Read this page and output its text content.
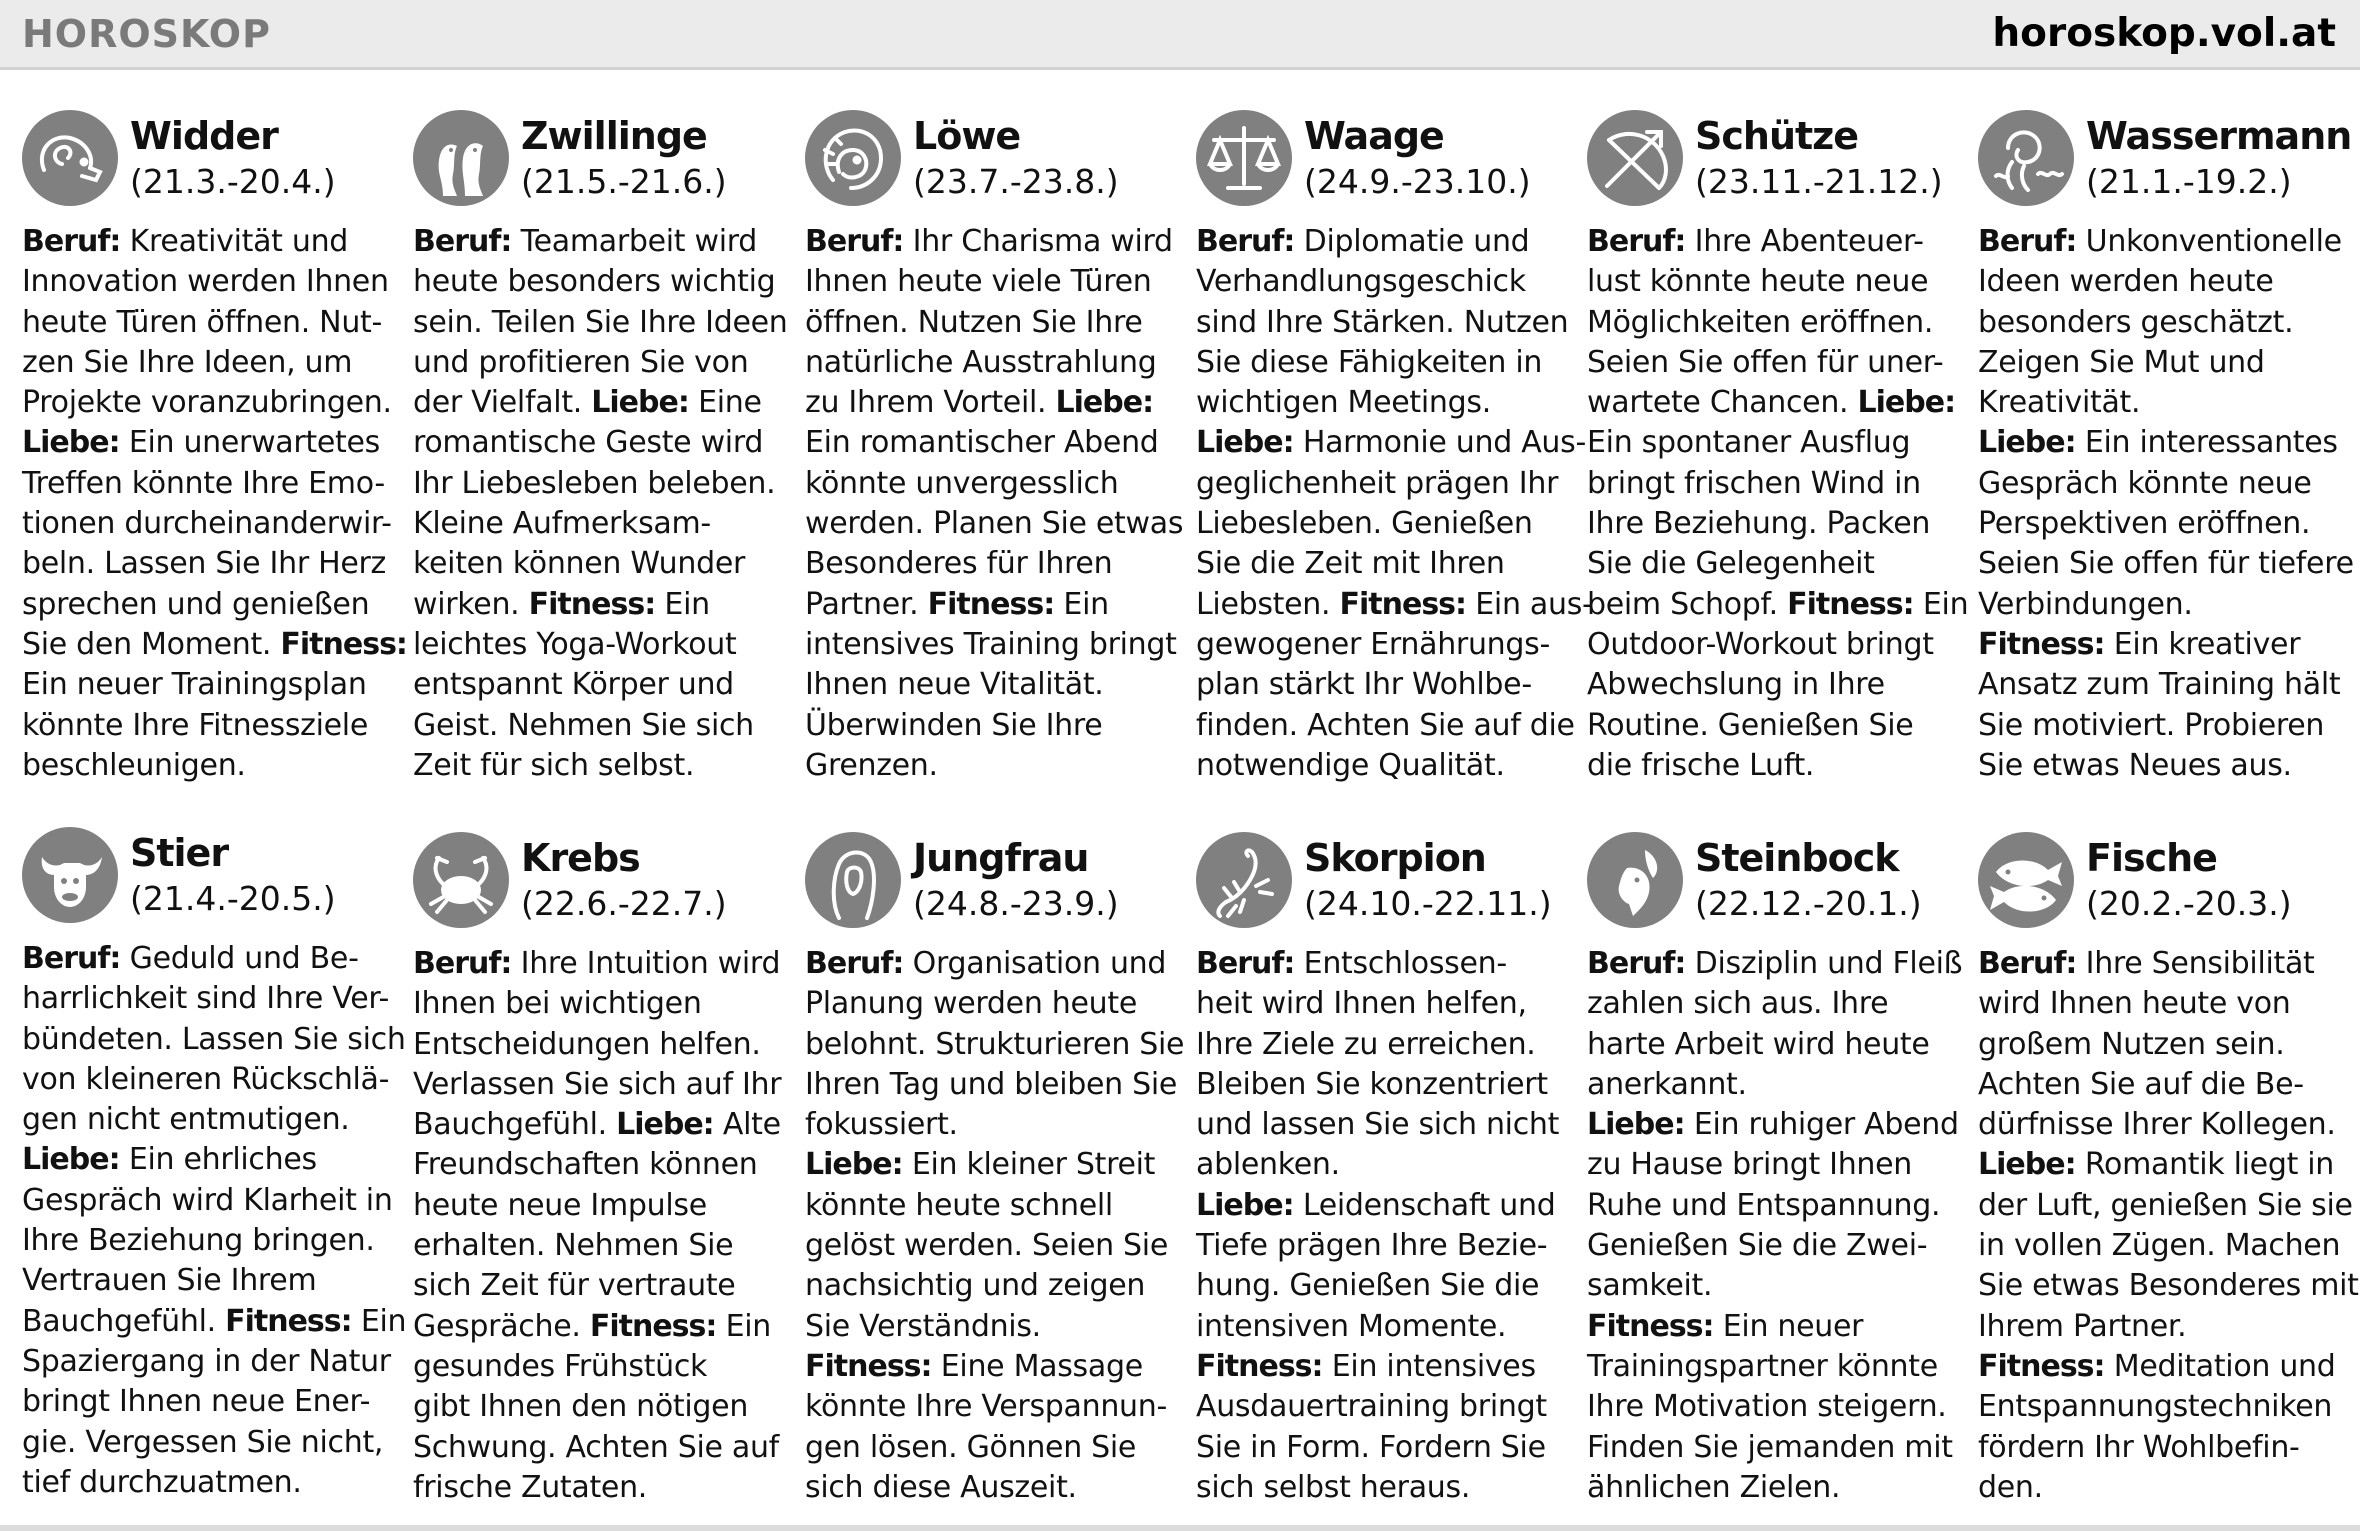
HOROSKOP	horoskop.vol.at
Widder
(21.3.-20.4.)
Beruf: Kreativität und
Innovation werden Ihnen
heute Türen öffnen. Nut-
zen Sie Ihre Ideen, um
Projekte voranzubringen.
Liebe: Ein unerwartetes
Treffen könnte Ihre Emo-
tionen durcheinanderwir-
beln. Lassen Sie Ihr Herz
sprechen und genießen
Sie den Moment. Fitness:
Ein neuer Trainingsplan
könnte Ihre Fitnessziele
beschleunigen.
Zwillinge
(21.5.-21.6.)
Beruf: Teamarbeit wird
heute besonders wichtig
sein. Teilen Sie Ihre Ideen
und profitieren Sie von
der Vielfalt. Liebe: Eine
romantische Geste wird
Ihr Liebesleben beleben.
Kleine Aufmerksam-
keiten können Wunder
wirken. Fitness: Ein
leichtes Yoga-Workout
entspannt Körper und
Geist. Nehmen Sie sich
Zeit für sich selbst.
Löwe
(23.7.-23.8.)
Beruf: Ihr Charisma wird
Ihnen heute viele Türen
öffnen. Nutzen Sie Ihre
natürliche Ausstrahlung
zu Ihrem Vorteil. Liebe:
Ein romantischer Abend
könnte unvergesslich
werden. Planen Sie etwas
Besonderes für Ihren
Partner. Fitness: Ein
intensives Training bringt
Ihnen neue Vitalität.
Überwinden Sie Ihre
Grenzen.
Waage
(24.9.-23.10.)
Beruf: Diplomatie und
Verhandlungsgeschick
sind Ihre Stärken. Nutzen
Sie diese Fähigkeiten in
wichtigen Meetings.
Liebe: Harmonie und Aus-
geglichenheit prägen Ihr
Liebesleben. Genießen
Sie die Zeit mit Ihren
Liebsten. Fitness: Ein aus-
gewogener Ernährungs-
plan stärkt Ihr Wohlbe-
finden. Achten Sie auf die
notwendige Qualität.
Schütze
(23.11.-21.12.)
Beruf: Ihre Abenteuer-
lust könnte heute neue
Möglichkeiten eröffnen.
Seien Sie offen für uner-
wartete Chancen. Liebe:
Ein spontaner Ausflug
bringt frischen Wind in
Ihre Beziehung. Packen
Sie die Gelegenheit
beim Schopf. Fitness: Ein
Outdoor-Workout bringt
Abwechslung in Ihre
Routine. Genießen Sie
die frische Luft.
Wassermann
(21.1.-19.2.)
Beruf: Unkonventionelle
Ideen werden heute
besonders geschätzt.
Zeigen Sie Mut und
Kreativität.
Liebe: Ein interessantes
Gespräch könnte neue
Perspektiven eröffnen.
Seien Sie offen für tiefere
Verbindungen.
Fitness: Ein kreativer
Ansatz zum Training hält
Sie motiviert. Probieren
Sie etwas Neues aus.
Stier
(21.4.-20.5.)
Beruf: Geduld und Be-
harrlichkeit sind Ihre Ver-
bündeten. Lassen Sie sich
von kleineren Rückschlä-
gen nicht entmutigen.
Liebe: Ein ehrliches
Gespräch wird Klarheit in
Ihre Beziehung bringen.
Vertrauen Sie Ihrem
Bauchgefühl. Fitness: Ein
Spaziergang in der Natur
bringt Ihnen neue Ener-
gie. Vergessen Sie nicht,
tief durchzuatmen.
Krebs
(22.6.-22.7.)
Beruf: Ihre Intuition wird
Ihnen bei wichtigen
Entscheidungen helfen.
Verlassen Sie sich auf Ihr
Bauchgefühl. Liebe: Alte
Freundschaften können
heute neue Impulse
erhalten. Nehmen Sie
sich Zeit für vertraute
Gespräche. Fitness: Ein
gesundes Frühstück
gibt Ihnen den nötigen
Schwung. Achten Sie auf
frische Zutaten.
Jungfrau
(24.8.-23.9.)
Beruf: Organisation und
Planung werden heute
belohnt. Strukturieren Sie
Ihren Tag und bleiben Sie
fokussiert.
Liebe: Ein kleiner Streit
könnte heute schnell
gelöst werden. Seien Sie
nachsichtig und zeigen
Sie Verständnis.
Fitness: Eine Massage
könnte Ihre Verspannun-
gen lösen. Gönnen Sie
sich diese Auszeit.
Skorpion
(24.10.-22.11.)
Beruf: Entschlossen-
heit wird Ihnen helfen,
Ihre Ziele zu erreichen.
Bleiben Sie konzentriert
und lassen Sie sich nicht
ablenken.
Liebe: Leidenschaft und
Tiefe prägen Ihre Bezie-
hung. Genießen Sie die
intensiven Momente.
Fitness: Ein intensives
Ausdauertraining bringt
Sie in Form. Fordern Sie
sich selbst heraus.
Steinbock
(22.12.-20.1.)
Beruf: Disziplin und Fleiß
zahlen sich aus. Ihre
harte Arbeit wird heute
anerkannt.
Liebe: Ein ruhiger Abend
zu Hause bringt Ihnen
Ruhe und Entspannung.
Genießen Sie die Zwei-
samkeit.
Fitness: Ein neuer
Trainingspartner könnte
Ihre Motivation steigern.
Finden Sie jemanden mit
ähnlichen Zielen.
Fische
(20.2.-20.3.)
Beruf: Ihre Sensibilität
wird Ihnen heute von
großem Nutzen sein.
Achten Sie auf die Be-
dürfnisse Ihrer Kollegen.
Liebe: Romantik liegt in
der Luft, genießen Sie sie
in vollen Zügen. Machen
Sie etwas Besonderes mit
Ihrem Partner.
Fitness: Meditation und
Entspannungstechniken
fördern Ihr Wohlbefin-
den.
